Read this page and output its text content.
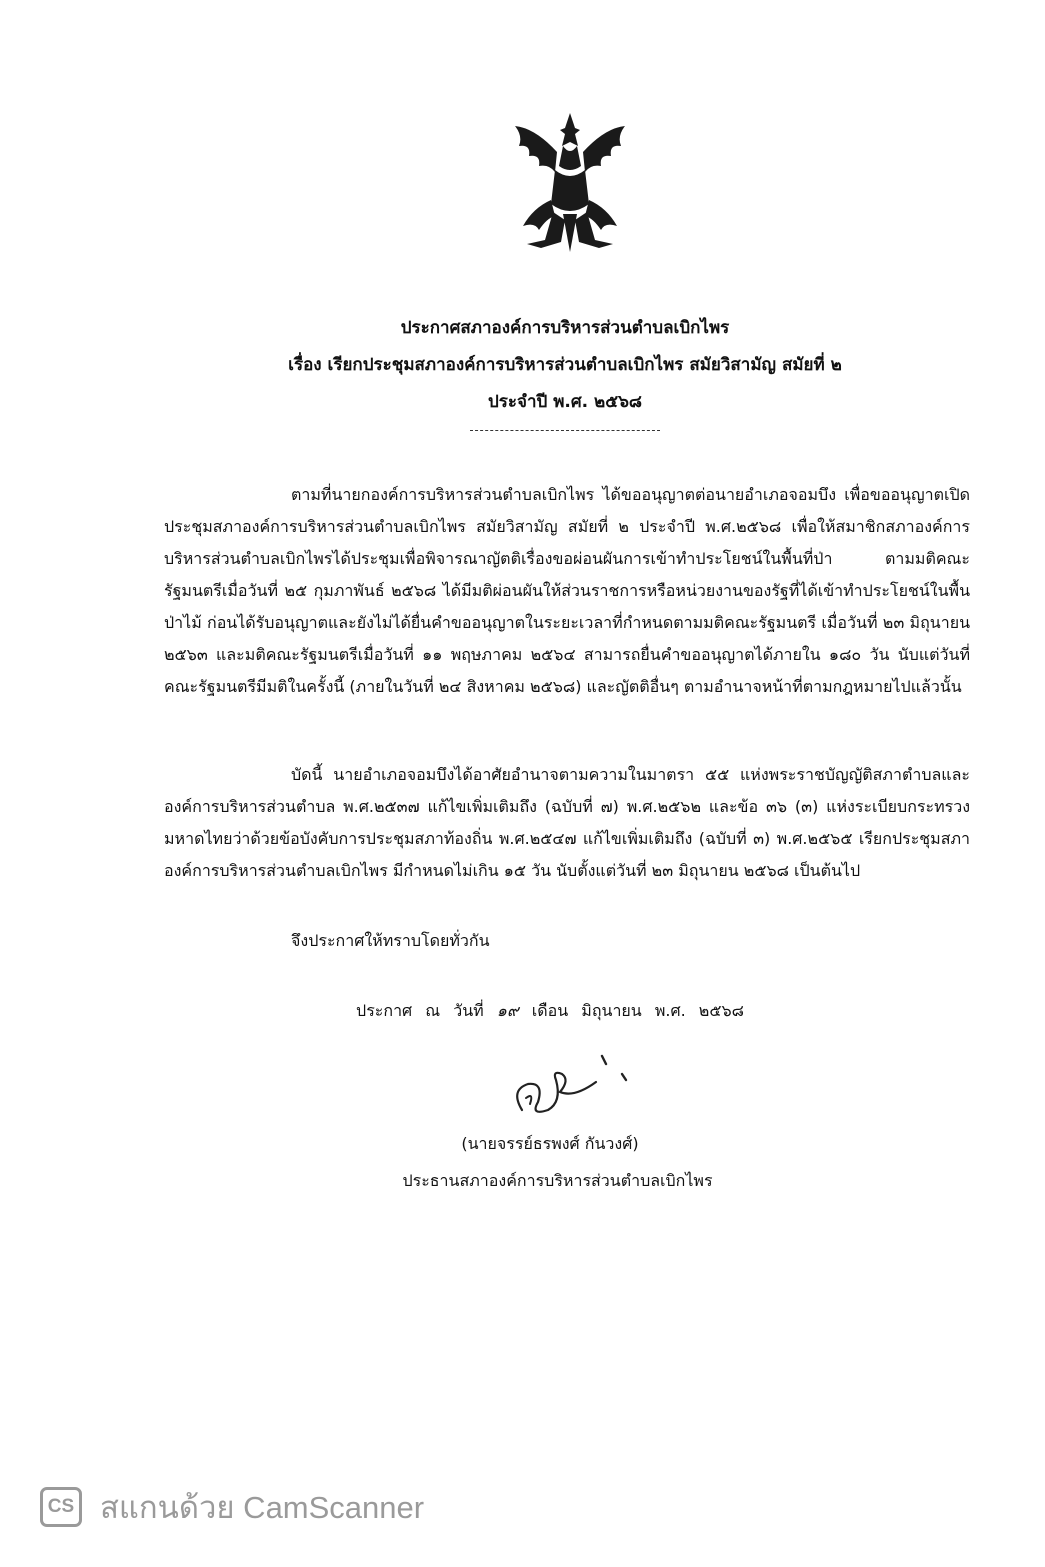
ประกาศสภาองค์การบริหารส่วนตำบลเบิกไพร
เรื่อง เรียกประชุมสภาองค์การบริหารส่วนตำบลเบิกไพร สมัยวิสามัญ สมัยที่ ๒
ประจำปี พ.ศ. ๒๕๖๘

ตามที่นายกองค์การบริหารส่วนตำบลเบิกไพร ได้ขออนุญาตต่อนายอำเภอจอมบึง เพื่อขออนุญาตเปิดประชุมสภาองค์การบริหารส่วนตำบลเบิกไพร สมัยวิสามัญ สมัยที่ ๒ ประจำปี พ.ศ.๒๕๖๘ เพื่อให้สมาชิกสภาองค์การบริหารส่วนตำบลเบิกไพรได้ประชุมเพื่อพิจารณาญัตติเรื่องขอผ่อนผันการเข้าทำประโยชน์ในพื้นที่ป่า ตามมติคณะรัฐมนตรีเมื่อวันที่ ๒๕ กุมภาพันธ์ ๒๕๖๘ ได้มีมติผ่อนผันให้ส่วนราชการหรือหน่วยงานของรัฐที่ได้เข้าทำประโยชน์ในพื้นป่าไม้ ก่อนได้รับอนุญาตและยังไม่ได้ยื่นคำขออนุญาตในระยะเวลาที่กำหนดตามมติคณะรัฐมนตรี เมื่อวันที่ ๒๓ มิถุนายน ๒๕๖๓ และมติคณะรัฐมนตรีเมื่อวันที่ ๑๑ พฤษภาคม ๒๕๖๔ สามารถยื่นคำขออนุญาตได้ภายใน ๑๘๐ วัน นับแต่วันที่คณะรัฐมนตรีมีมติในครั้งนี้ (ภายในวันที่ ๒๔ สิงหาคม ๒๕๖๘) และญัตติอื่นๆ ตามอำนาจหน้าที่ตามกฎหมายไปแล้วนั้น

บัดนี้ นายอำเภอจอมบึงได้อาศัยอำนาจตามความในมาตรา ๕๕ แห่งพระราชบัญญัติสภาตำบลและองค์การบริหารส่วนตำบล พ.ศ.๒๕๓๗ แก้ไขเพิ่มเติมถึง (ฉบับที่ ๗) พ.ศ.๒๕๖๒ และข้อ ๓๖ (๓) แห่งระเบียบกระทรวงมหาดไทยว่าด้วยข้อบังคับการประชุมสภาท้องถิ่น พ.ศ.๒๕๔๗ แก้ไขเพิ่มเติมถึง (ฉบับที่ ๓) พ.ศ.๒๕๖๕ เรียกประชุมสภาองค์การบริหารส่วนตำบลเบิกไพร มีกำหนดไม่เกิน ๑๕ วัน นับตั้งแต่วันที่ ๒๓ มิถุนายน ๒๕๖๘ เป็นต้นไป

จึงประกาศให้ทราบโดยทั่วกัน
ประกาศ ณ วันที่ ๑๙ เดือน มิถุนายน พ.ศ. ๒๕๖๘
(นายจรรย์ธรพงศ์ กันวงศ์)
ประธานสภาองค์การบริหารส่วนตำบลเบิกไพร
CS สแกนด้วย CamScanner
